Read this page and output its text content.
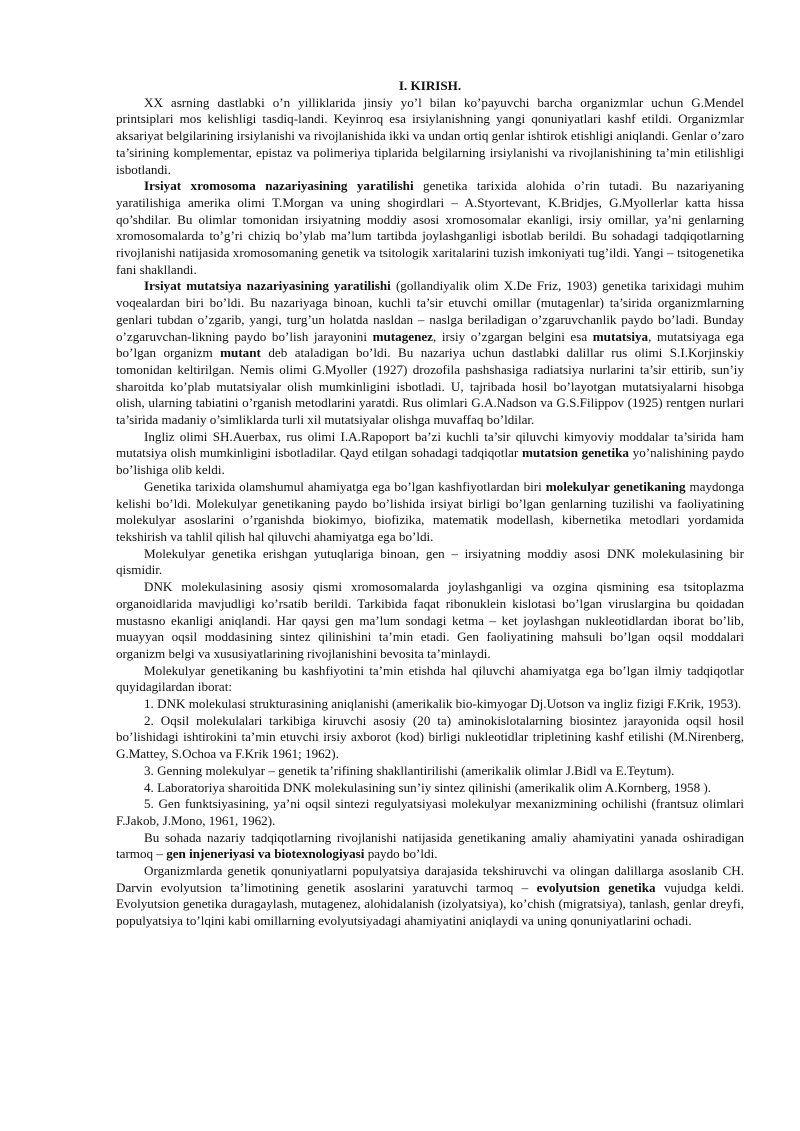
I. KIRISH.

XX asrning dastlabki o’n yilliklarida jinsiy yo’l bilan ko’payuvchi barcha organizmlar uchun G.Mendel printsiplari mos kelishligi tasdiq-landi. Keyinroq esa irsiylanishning yangi qonuniyatlari kashf etildi. Organizmlar aksariyat belgilarining irsiylanishi va rivojlanishida ikki va undan ortiq genlar ishtirok etishligi aniqlandi. Genlar o’zaro ta’sirining komplementar, epistaz va polimeriya tiplarida belgilarning irsiylanishi va rivojlanishining ta’min etilishligi isbotlandi.

Irsiyat xromosoma nazariyasining yaratilishi genetika tarixida alohida o’rin tutadi. Bu nazariyaning yaratilishiga amerika olimi T.Morgan va uning shogirdlari – A.Styortevant, K.Bridjes, G.Myollerlar katta hissa qo’shdilar. Bu olimlar tomonidan irsiyatning moddiy asosi xromosomalar ekanligi, irsiy omillar, ya’ni genlarning xromosomalarda to’g’ri chiziq bo’ylab ma’lum tartibda joylashganligi isbotlab berildi. Bu sohadagi tadqiqotlarning rivojlanishi natijasida xromosomaning genetik va tsitologik xaritalarini tuzish imkoniyati tug’ildi. Yangi – tsitogenetika fani shakllandi.

Irsiyat mutatsiya nazariyasining yaratilishi (gollandiyalik olim X.De Friz, 1903) genetika tarixidagi muhim voqealardan biri bo’ldi. Bu nazariyaga binoan, kuchli ta’sir etuvchi omillar (mutagenlar) ta’sirida organizmlarning genlari tubdan o’zgarib, yangi, turg’un holatda nasldan – naslga beriladigan o’zgaruvchanlik paydo bo’ladi. Bunday o’zgaruvchan-likning paydo bo’lish jarayonini mutagenez, irsiy o’zgargan belgini esa mutatsiya, mutatsiyaga ega bo’lgan organizm mutant deb ataladigan bo’ldi. Bu nazariya uchun dastlabki dalillar rus olimi S.I.Korjinskiy tomonidan keltirilgan. Nemis olimi G.Myoller (1927) drozofila pashshasiga radiatsiya nurlarini ta’sir ettirib, sun’iy sharoitda ko’plab mutatsiyalar olish mumkinligini isbotladi. U, tajribada hosil bo’layotgan mutatsiyalarni hisobga olish, ularning tabiatini o’rganish metodlarini yaratdi. Rus olimlari G.A.Nadson va G.S.Filippov (1925) rentgen nurlari ta’sirida madaniy o’simliklarda turli xil mutatsiyalar olishga muvaffaq bo’ldilar.

Ingliz olimi SH.Auerbax, rus olimi I.A.Rapoport ba’zi kuchli ta’sir qiluvchi kimyoviy moddalar ta’sirida ham mutatsiya olish mumkinligini isbotladilar. Qayd etilgan sohadagi tadqiqotlar mutatsion genetika yo’nalishining paydo bo’lishiga olib keldi.

Genetika tarixida olamshumul ahamiyatga ega bo’lgan kashfiyotlardan biri molekulyar genetikaning maydonga kelishi bo’ldi. Molekulyar genetikaning paydo bo’lishida irsiyat birligi bo’lgan genlarning tuzilishi va faoliyatining molekulyar asoslarini o’rganishda biokimyo, biofizika, matematik modellash, kibernetika metodlari yordamida tekshirish va tahlil qilish hal qiluvchi ahamiyatga ega bo’ldi.

Molekulyar genetika erishgan yutuqlariga binoan, gen – irsiyatning moddiy asosi DNK molekulasining bir qismidir.

DNK molekulasining asosiy qismi xromosomalarda joylashganligi va ozgina qismining esa tsitoplazma organoidlarida mavjudligi ko’rsatib berildi. Tarkibida faqat ribonuklein kislotasi bo’lgan viruslargina bu qoidadan mustasno ekanligi aniqlandi. Har qaysi gen ma’lum sondagi ketma – ket joylashgan nukleotidlardan iborat bo’lib, muayyan oqsil moddasining sintez qilinishini ta’min etadi. Gen faoliyatining mahsuli bo’lgan oqsil moddalari organizm belgi va xususiyatlarining rivojlanishini bevosita ta’minlaydi.

Molekulyar genetikaning bu kashfiyotini ta’min etishda hal qiluvchi ahamiyatga ega bo’lgan ilmiy tadqiqotlar quyidagilardan iborat:

1. DNK molekulasi strukturasining aniqlanishi (amerikalik bio-kimyogar Dj.Uotson va ingliz fizigi F.Krik, 1953).

2. Oqsil molekulalari tarkibiga kiruvchi asosiy (20 ta) aminokislotalarning biosintez jarayonida oqsil hosil bo’lishidagi ishtirokini ta’min etuvchi irsiy axborot (kod) birligi nukleotidlar tripletining kashf etilishi (M.Nirenberg, G.Mattey, S.Ochoa va F.Krik 1961; 1962).

3. Genning molekulyar – genetik ta’rifining shakllantirilishi (amerikalik olimlar J.Bidl va E.Teytum).

4. Laboratoriya sharoitida DNK molekulasining sun’iy sintez qilinishi (amerikalik olim A.Kornberg, 1958 ).

5. Gen funktsiyasining, ya’ni oqsil sintezi regulyatsiyasi molekulyar mexanizmining ochilishi (frantsuz olimlari F.Jakob, J.Mono, 1961, 1962).

Bu sohada nazariy tadqiqotlarning rivojlanishi natijasida genetikaning amaliy ahamiyatini yanada oshiradigan tarmoq – gen injeneriyasi va biotexnologiyasi paydo bo’ldi.

Organizmlarda genetik qonuniyatlarni populyatsiya darajasida tekshiruvchi va olingan dalillarga asoslanib CH. Darvin evolyutsion ta’limotining genetik asoslarini yaratuvchi tarmoq – evolyutsion genetika vujudga keldi. Evolyutsion genetika duragaylash, mutagenez, alohidalanish (izolyatsiya), ko’chish (migratsiya), tanlash, genlar dreyfi, populyatsiya to’lqini kabi omillarning evolyutsiyadagi ahamiyatini aniqlaydi va uning qonuniyatlarini ochadi.
